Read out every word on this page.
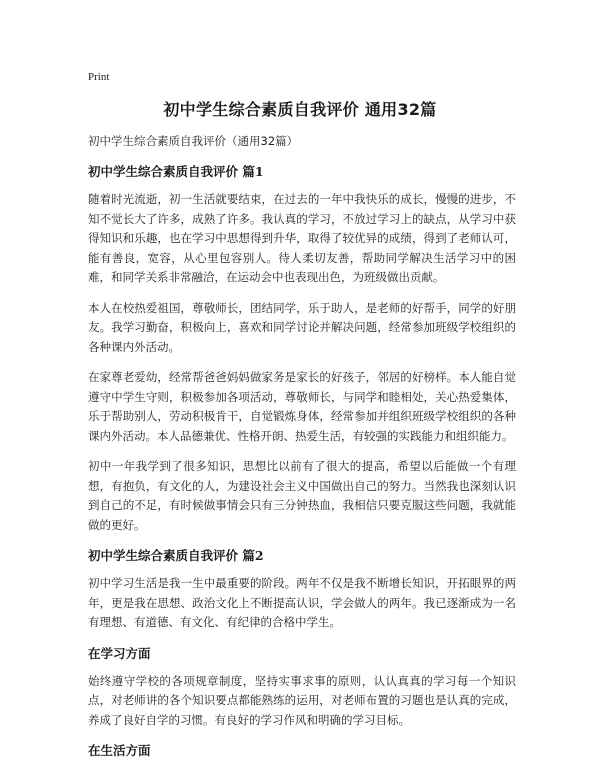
Print
初中学生综合素质自我评价 通用32篇
初中学生综合素质自我评价（通用32篇）
初中学生综合素质自我评价 篇1

随着时光流逝，初一生活就要结束，在过去的一年中我快乐的成长，慢慢的进步，不知不觉长大了许多，成熟了许多。我认真的学习，不放过学习上的缺点，从学习中获得知识和乐趣，也在学习中思想得到升华，取得了较优异的成绩，得到了老师认可，能有善良，宽容，从心里包容别人。待人柔切友善，帮助同学解决生活学习中的困难，和同学关系非常融洽，在运动会中也表现出色，为班级做出贡献。

本人在校热爱祖国，尊敬师长，团结同学，乐于助人，是老师的好帮手，同学的好朋友。我学习勤奋，积极向上，喜欢和同学讨论并解决问题，经常参加班级学校组织的各种课内外活动。

在家尊老爱幼，经常帮爸爸妈妈做家务是家长的好孩子，邻居的好榜样。本人能自觉遵守中学生守则，积极参加各项活动，尊敬师长，与同学和睦相处，关心热爱集体，乐于帮助别人，劳动积极肯干，自觉锻炼身体，经常参加并组织班级学校组织的各种课内外活动。本人品德兼优、性格开朗、热爱生活，有较强的实践能力和组织能力。

初中一年我学到了很多知识，思想比以前有了很大的提高，希望以后能做一个有理想，有抱负，有文化的人，为建设社会主义中国做出自己的努力。当然我也深刻认识到自己的不足，有时候做事情会只有三分钟热血，我相信只要克服这些问题，我就能做的更好。

初中学生综合素质自我评价 篇2

初中学习生活是我一生中最重要的阶段。两年不仅是我不断增长知识，开拓眼界的两年，更是我在思想、政治文化上不断提高认识，学会做人的两年。我已逐渐成为一名有理想、有道德、有文化、有纪律的合格中学生。

在学习方面

始终遵守学校的各项规章制度，坚持实事求事的原则，认认真真的学习每一个知识点，对老师讲的各个知识要点都能熟练的运用，对老师布置的习题也是认真的完成，养成了良好自学的习惯。有良好的学习作风和明确的学习目标。

在生活方面
